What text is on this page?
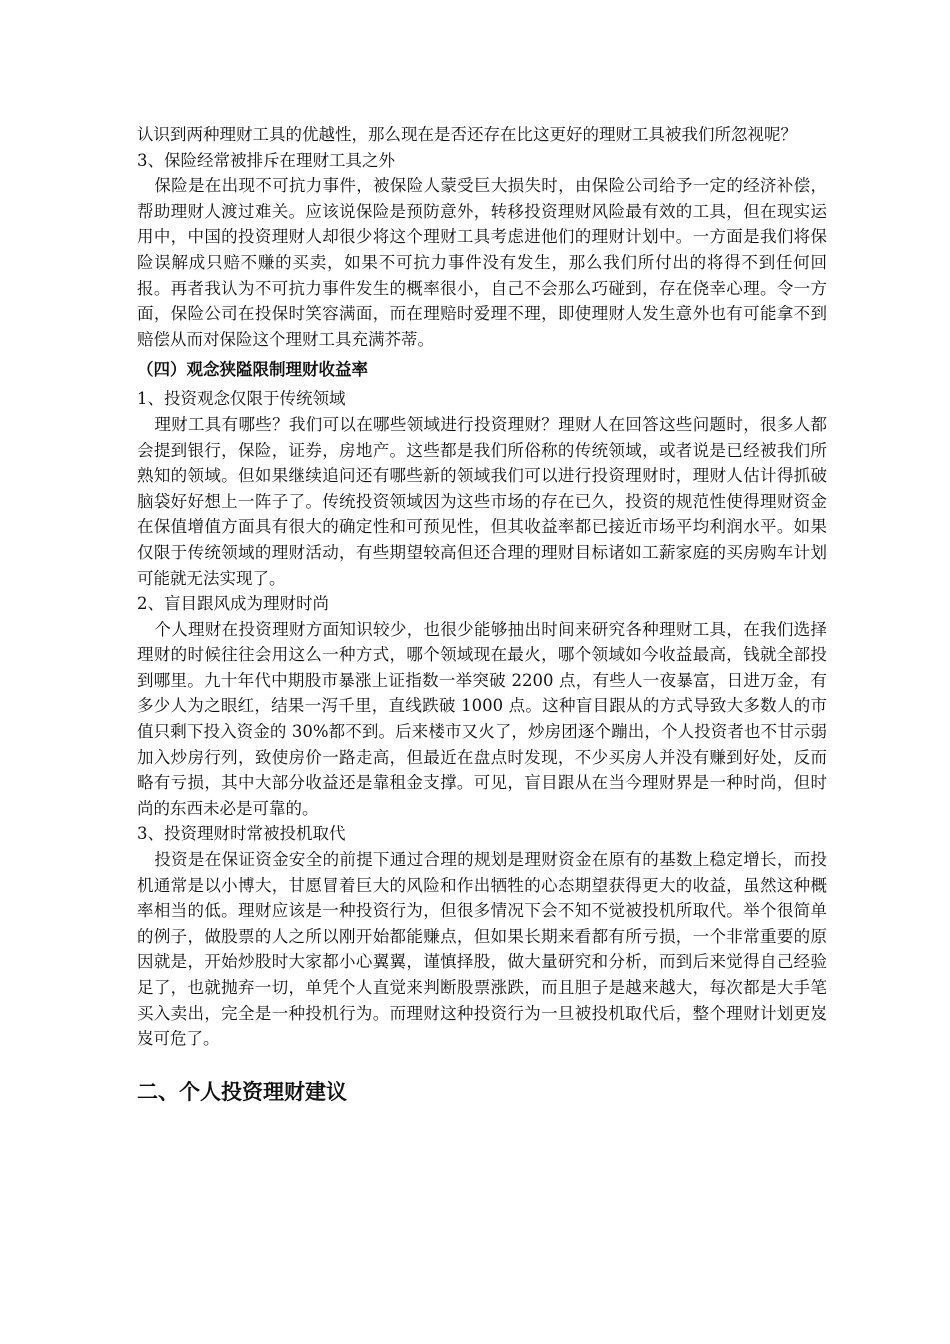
认识到两种理财工具的优越性，那么现在是否还存在比这更好的理财工具被我们所忽视呢？

3、保险经常被排斥在理财工具之外

保险是在出现不可抗力事件，被保险人蒙受巨大损失时，由保险公司给予一定的经济补偿，帮助理财人渡过难关。应该说保险是预防意外，转移投资理财风险最有效的工具，但在现实运用中，中国的投资理财人却很少将这个理财工具考虑进他们的理财计划中。一方面是我们将保险误解成只赔不赚的买卖，如果不可抗力事件没有发生，那么我们所付出的将得不到任何回报。再者我认为不可抗力事件发生的概率很小，自己不会那么巧碰到，存在侥幸心理。令一方面，保险公司在投保时笑容满面，而在理赔时爱理不理，即使理财人发生意外也有可能拿不到赔偿从而对保险这个理财工具充满芥蒂。

（四）观念狭隘限制理财收益率

1、投资观念仅限于传统领域

理财工具有哪些？我们可以在哪些领域进行投资理财？理财人在回答这些问题时，很多人都会提到银行，保险，证券，房地产。这些都是我们所俗称的传统领域，或者说是已经被我们所熟知的领域。但如果继续追问还有哪些新的领域我们可以进行投资理财时，理财人估计得抓破脑袋好好想上一阵子了。传统投资领域因为这些市场的存在已久，投资的规范性使得理财资金在保值增值方面具有很大的确定性和可预见性，但其收益率都已接近市场平均利润水平。如果仅限于传统领域的理财活动，有些期望较高但还合理的理财目标诸如工薪家庭的买房购车计划可能就无法实现了。

2、盲目跟风成为理财时尚

个人理财在投资理财方面知识较少，也很少能够抽出时间来研究各种理财工具，在我们选择理财的时候往往会用这么一种方式，哪个领域现在最火，哪个领域如今收益最高，钱就全部投到哪里。九十年代中期股市暴涨上证指数一举突破 2200 点，有些人一夜暴富，日进万金，有多少人为之眼红，结果一泻千里，直线跌破 1000 点。这种盲目跟从的方式导致大多数人的市值只剩下投入资金的 30%都不到。后来楼市又火了，炒房团逐个蹦出，个人投资者也不甘示弱加入炒房行列，致使房价一路走高，但最近在盘点时发现，不少买房人并没有赚到好处，反而略有亏损，其中大部分收益还是靠租金支撑。可见，盲目跟从在当今理财界是一种时尚，但时尚的东西未必是可靠的。

3、投资理财时常被投机取代

投资是在保证资金安全的前提下通过合理的规划是理财资金在原有的基数上稳定增长，而投机通常是以小博大，甘愿冒着巨大的风险和作出牺牲的心态期望获得更大的收益，虽然这种概率相当的低。理财应该是一种投资行为，但很多情况下会不知不觉被投机所取代。举个很简单的例子，做股票的人之所以刚开始都能赚点，但如果长期来看都有所亏损，一个非常重要的原因就是，开始炒股时大家都小心翼翼，谨慎择股，做大量研究和分析，而到后来觉得自己经验足了，也就抛弃一切，单凭个人直觉来判断股票涨跌，而且胆子是越来越大，每次都是大手笔买入卖出，完全是一种投机行为。而理财这种投资行为一旦被投机取代后，整个理财计划更岌岌可危了。

二、个人投资理财建议
